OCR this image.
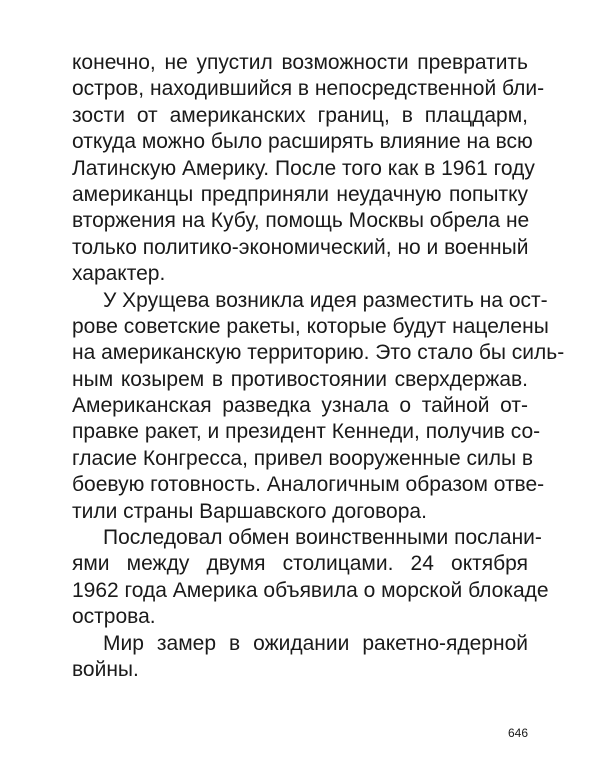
конечно, не упустил возможности превратить
остров, находившийся в непосредственной бли-
зости от американских границ, в плацдарм,
откуда можно было расширять влияние на всю
Латинскую Америку. После того как в 1961 году
американцы предприняли неудачную попытку
вторжения на Кубу, помощь Москвы обрела не
только политико-экономический, но и военный
характер.
У Хрущева возникла идея разместить на ост-
рове советские ракеты, которые будут нацелены
на американскую территорию. Это стало бы силь-
ным козырем в противостоянии сверхдержав.
Американская разведка узнала о тайной от-
правке ракет, и президент Кеннеди, получив со-
гласие Конгресса, привел вооруженные силы в
боевую готовность. Аналогичным образом отве-
тили страны Варшавского договора.
Последовал обмен воинственными послани-
ями между двумя столицами. 24 октября
1962 года Америка объявила о морской блокаде
острова.
Мир замер в ожидании ракетно-ядерной
войны.
646
